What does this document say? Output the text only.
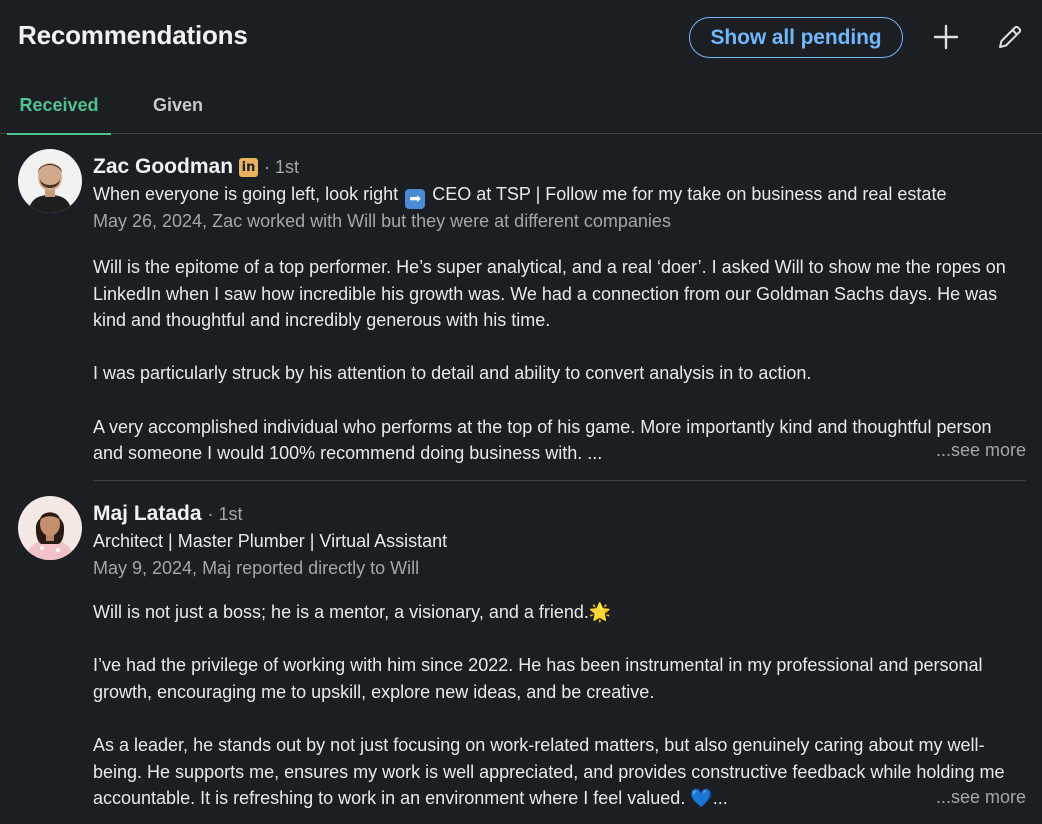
Recommendations	Show all pending
Received	Given
Zac Goodman in · 1st
When everyone is going left, look right ➡ CEO at TSP | Follow me for my take on business and real estate
May 26, 2024, Zac worked with Will but they were at different companies

Will is the epitome of a top performer. He’s super analytical, and a real ‘doer’. I asked Will to show me the ropes on LinkedIn when I saw how incredible his growth was. We had a connection from our Goldman Sachs days. He was kind and thoughtful and incredibly generous with his time.

I was particularly struck by his attention to detail and ability to convert analysis in to action.

A very accomplished individual who performs at the top of his game. More importantly kind and thoughtful person and someone I would 100% recommend doing business with. ...	...see more
Maj Latada · 1st
Architect | Master Plumber | Virtual Assistant
May 9, 2024, Maj reported directly to Will

Will is not just a boss; he is a mentor, a visionary, and a friend.🌟

I’ve had the privilege of working with him since 2022. He has been instrumental in my professional and personal growth, encouraging me to upskill, explore new ideas, and be creative.

As a leader, he stands out by not just focusing on work-related matters, but also genuinely caring about my well-being. He supports me, ensures my work is well appreciated, and provides constructive feedback while holding me accountable. It is refreshing to work in an environment where I feel valued. 💙...	...see more
